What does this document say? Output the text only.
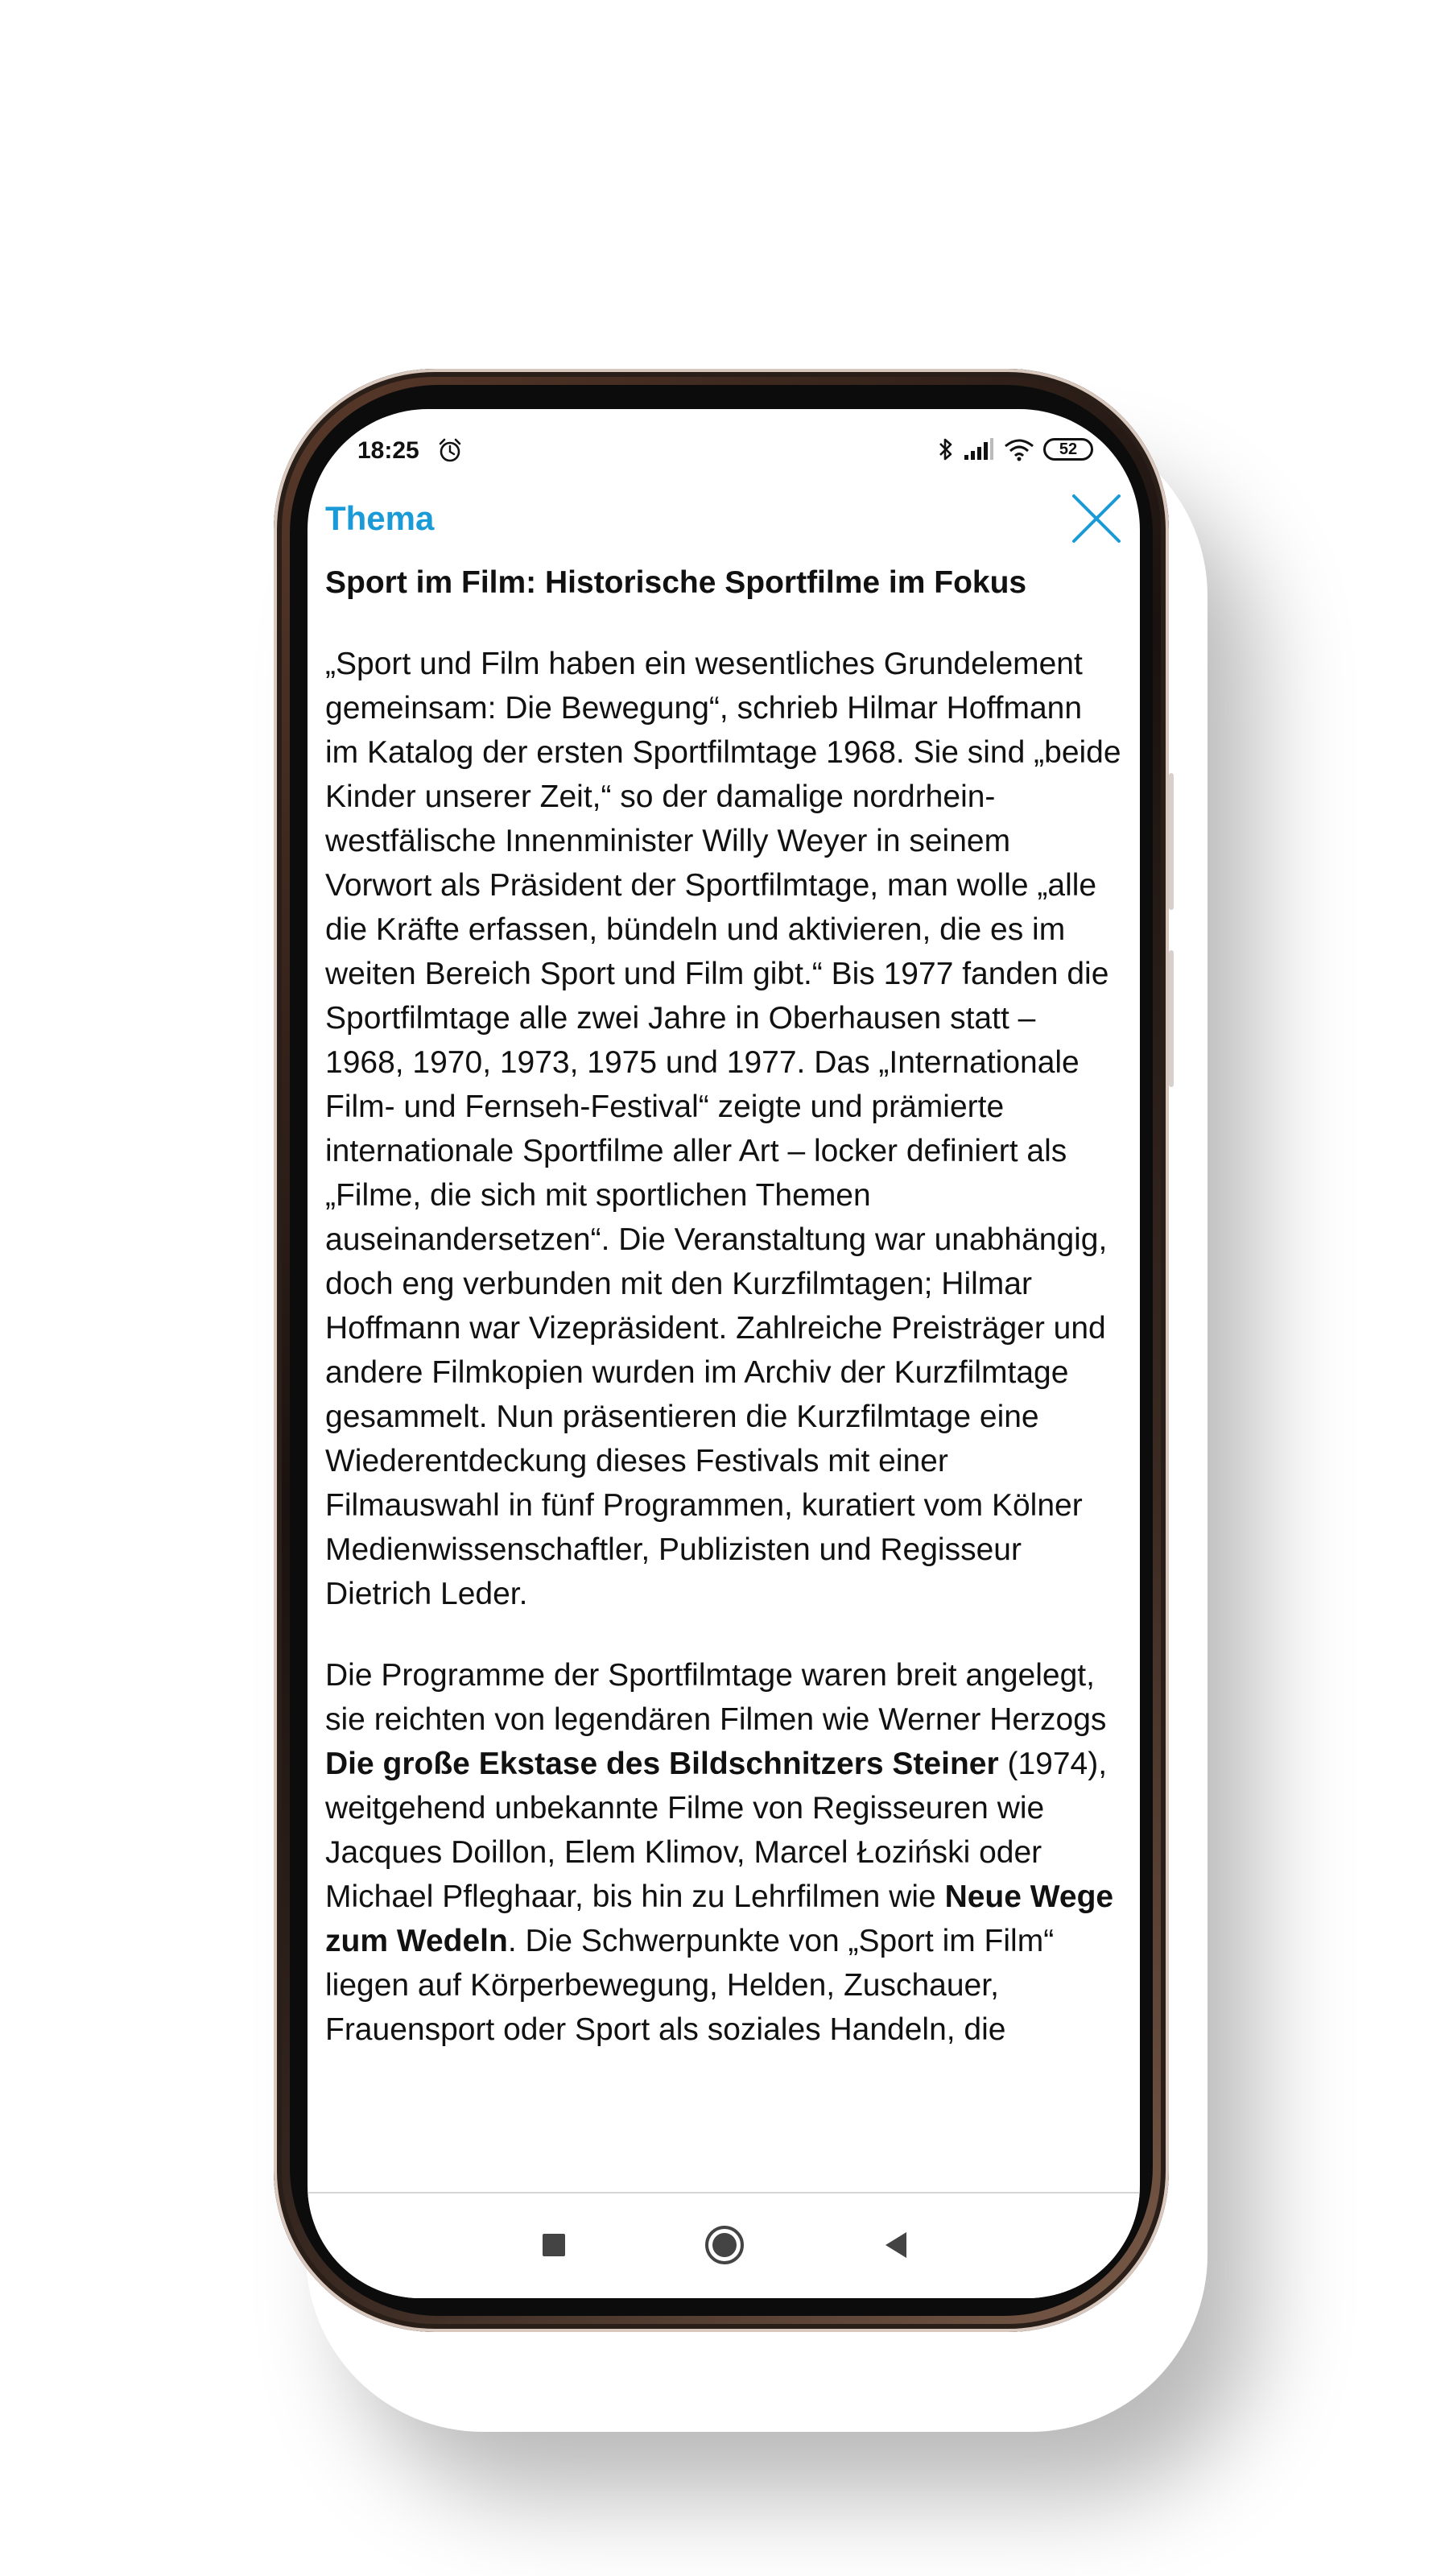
18:25	52
Thema
Sport im Film: Historische Sportfilme im Fokus

„Sport und Film haben ein wesentliches Grundelement gemeinsam: Die Bewegung“, schrieb Hilmar Hoffmann im Katalog der ersten Sportfilmtage 1968. Sie sind „beide Kinder unserer Zeit,“ so der damalige nordrhein-westfälische Innenminister Willy Weyer in seinem Vorwort als Präsident der Sportfilmtage, man wolle „alle die Kräfte erfassen, bündeln und aktivieren, die es im weiten Bereich Sport und Film gibt.“ Bis 1977 fanden die Sportfilmtage alle zwei Jahre in Oberhausen statt – 1968, 1970, 1973, 1975 und 1977. Das „Internationale Film- und Fernseh-Festival“ zeigte und prämierte internationale Sportfilme aller Art – locker definiert als „Filme, die sich mit sportlichen Themen auseinandersetzen“. Die Veranstaltung war unabhängig, doch eng verbunden mit den Kurzfilmtagen; Hilmar Hoffmann war Vizepräsident. Zahlreiche Preisträger und andere Filmkopien wurden im Archiv der Kurzfilmtage gesammelt. Nun präsentieren die Kurzfilmtage eine Wiederentdeckung dieses Festivals mit einer Filmauswahl in fünf Programmen, kuratiert vom Kölner Medienwissenschaftler, Publizisten und Regisseur Dietrich Leder.

Die Programme der Sportfilmtage waren breit angelegt, sie reichten von legendären Filmen wie Werner Herzogs Die große Ekstase des Bildschnitzers Steiner (1974), weitgehend unbekannte Filme von Regisseuren wie Jacques Doillon, Elem Klimov, Marcel Łoziński oder Michael Pfleghaar, bis hin zu Lehrfilmen wie Neue Wege zum Wedeln. Die Schwerpunkte von „Sport im Film“ liegen auf Körperbewegung, Helden, Zuschauer, Frauensport oder Sport als soziales Handeln, die
